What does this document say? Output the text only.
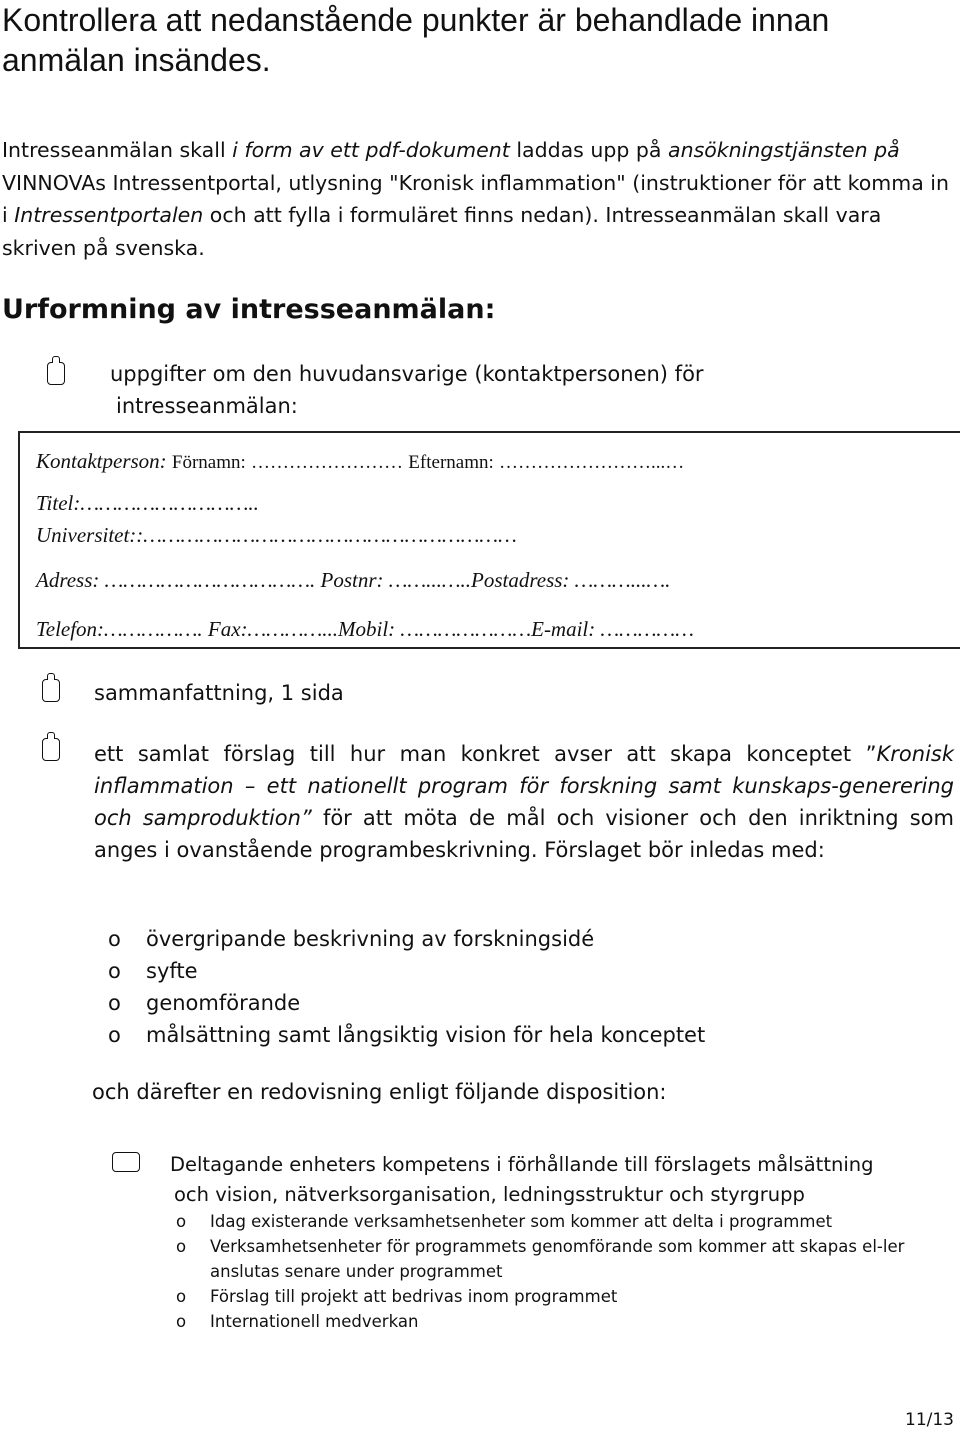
Kontrollera att nedanstående punkter är behandlade innan anmälan insändes.
Intresseanmälan skall i form av ett pdf-dokument laddas upp på ansökningstjänsten på VINNOVAs Intressentportal, utlysning "Kronisk inflammation" (instruktioner för att komma in i Intressentportalen och att fylla i formuläret finns nedan). Intresseanmälan skall vara skriven på svenska.
Urformning av intresseanmälan:
uppgifter om den huvudansvarige (kontaktpersonen) för
intresseanmälan:
Kontaktperson: Förnamn: …………………… Efternamn: ……………………...…
Titel:………………………..
Universitet::……………………………………………………
Adress: ……………………………. Postnr: ……...…..Postadress: ………...….
Telefon:……………. Fax:…………...Mobil: …………………E-mail: ……………
sammanfattning, 1 sida
ett samlat förslag till hur man konkret avser att skapa konceptet ”Kronisk inflammation – ett nationellt program för forskning samt kunskaps-generering och samproduktion” för att möta de mål och visioner och den inriktning som anges i ovanstående programbeskrivning. Förslaget bör inledas med:
o övergripande beskrivning av forskningsidé
o syfte
o genomförande
o målsättning samt långsiktig vision för hela konceptet
och därefter en redovisning enligt följande disposition:
Deltagande enheters kompetens i förhållande till förslagets målsättning
och vision, nätverksorganisation, ledningsstruktur och styrgrupp
o Idag existerande verksamhetsenheter som kommer att delta i programmet
o Verksamhetsenheter för programmets genomförande som kommer att skapas el-ler anslutas senare under programmet
o Förslag till projekt att bedrivas inom programmet
o Internationell medverkan
11/13
